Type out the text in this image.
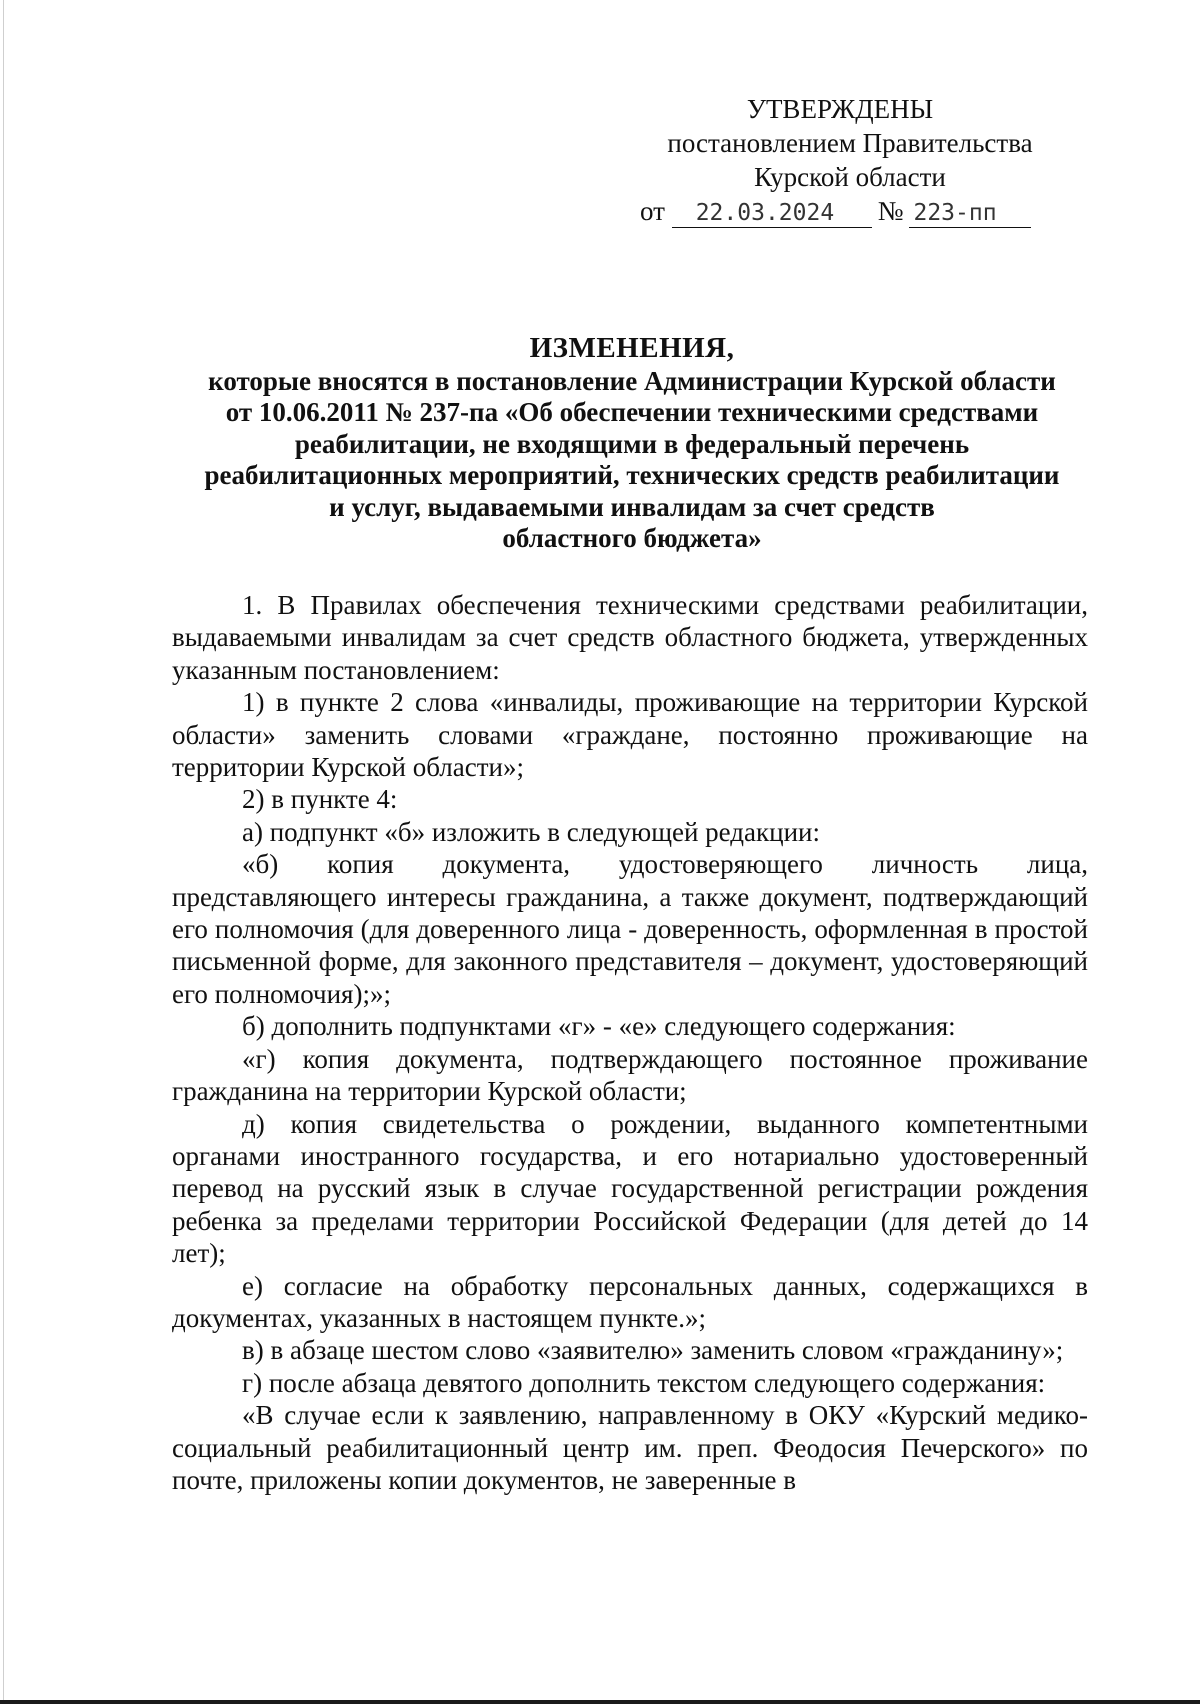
УТВЕРЖДЕНЫ
постановлением Правительства
Курской области
от 22.03.2024 № 223-пп
ИЗМЕНЕНИЯ,
которые вносятся в постановление Администрации Курской области
от 10.06.2011 № 237-па «Об обеспечении техническими средствами
реабилитации, не входящими в федеральный перечень
реабилитационных мероприятий, технических средств реабилитации
и услуг, выдаваемыми инвалидам за счет средств
областного бюджета»

1. В Правилах обеспечения техническими средствами реабилитации, выдаваемыми инвалидам за счет средств областного бюджета, утвержденных указанным постановлением:

1) в пункте 2 слова «инвалиды, проживающие на территории Курской области» заменить словами «граждане, постоянно проживающие на территории Курской области»;

2) в пункте 4:

а) подпункт «б» изложить в следующей редакции:

«б) копия документа, удостоверяющего личность лица, представляющего интересы гражданина, а также документ, подтверждающий его полномочия (для доверенного лица - доверенность, оформленная в простой письменной форме, для законного представителя – документ, удостоверяющий его полномочия);»;

б) дополнить подпунктами «г» - «е» следующего содержания:

«г) копия документа, подтверждающего постоянное проживание гражданина на территории Курской области;

д) копия свидетельства о рождении, выданного компетентными органами иностранного государства, и его нотариально удостоверенный перевод на русский язык в случае государственной регистрации рождения ребенка за пределами территории Российской Федерации (для детей до 14 лет);

е) согласие на обработку персональных данных, содержащихся в документах, указанных в настоящем пункте.»;

в) в абзаце шестом слово «заявителю» заменить словом «гражданину»;

г) после абзаца девятого дополнить текстом следующего содержания:

«В случае если к заявлению, направленному в ОКУ «Курский медико-социальный реабилитационный центр им. преп. Феодосия Печерского» по почте, приложены копии документов, не заверенные в
